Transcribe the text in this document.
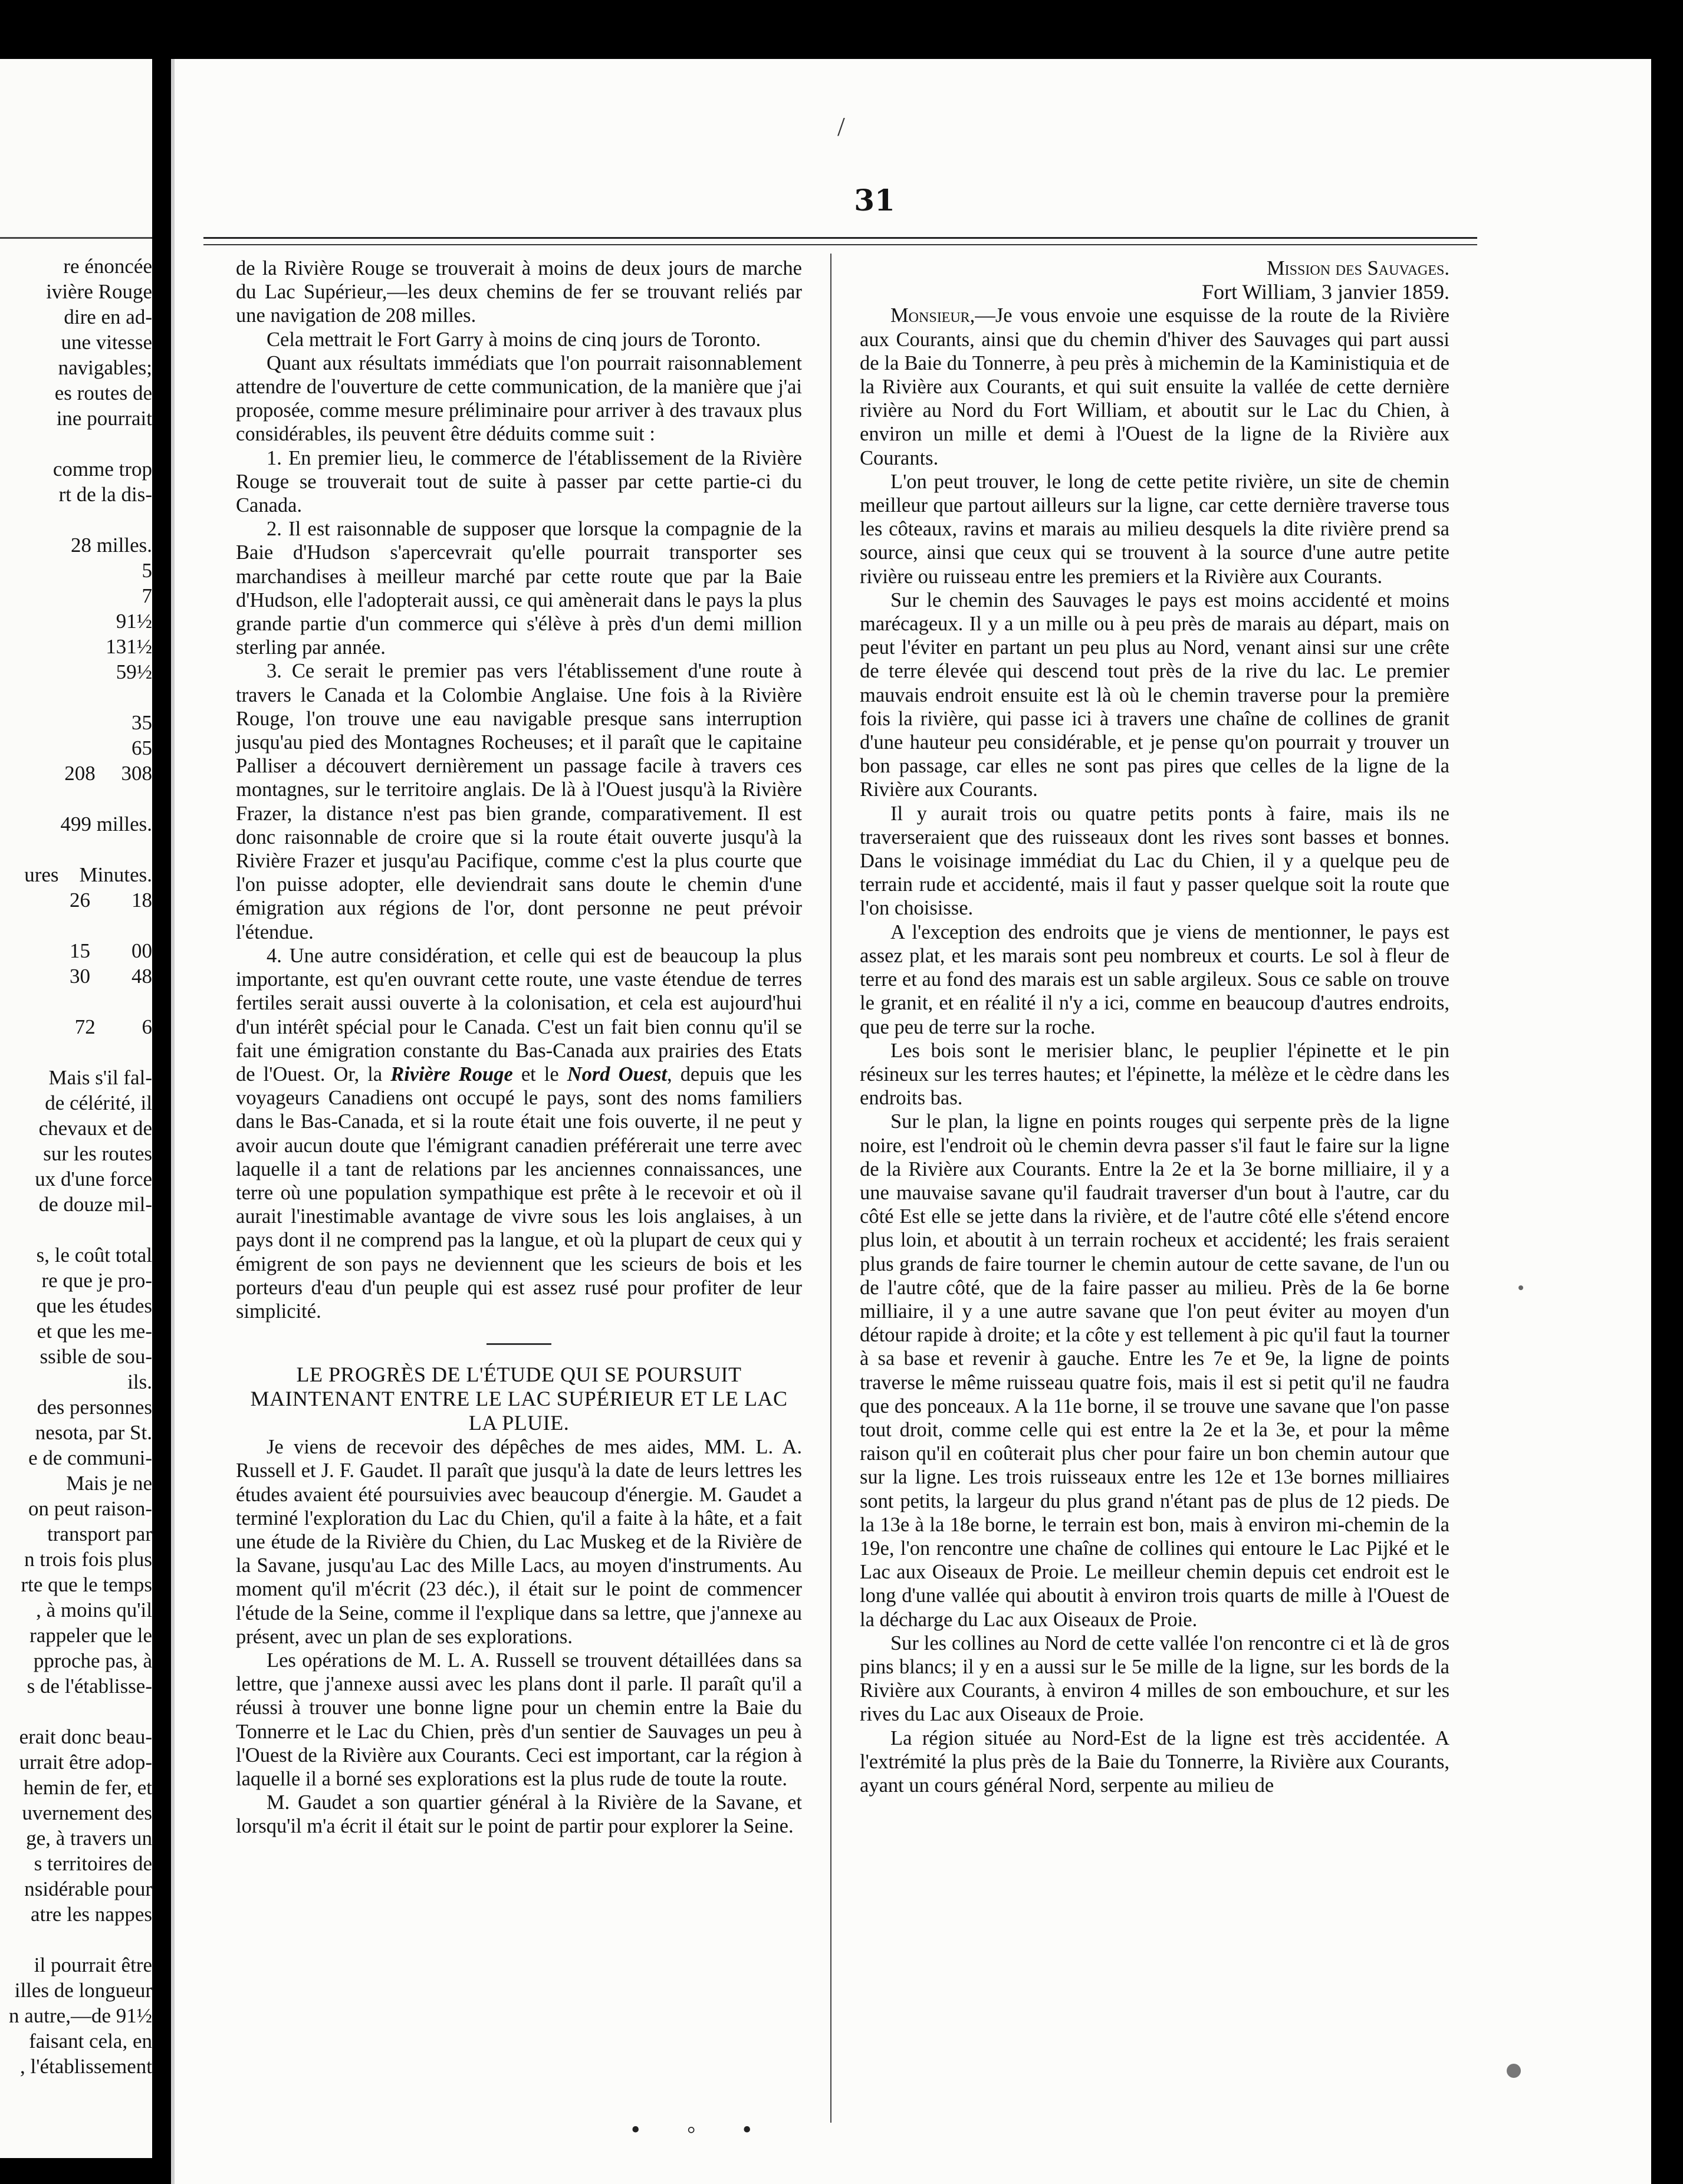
re énoncée
ivière Rouge
dire en ad-
une vitesse
navigables;
es routes de
ine pourrait

comme trop
rt de la dis-

28 milles.
5
7
91½
131½
59½

35
65
208     308

499 milles.

ures    Minutes.
26        18

15        00
30        48

72         6

Mais s'il fal-
de célérité, il
chevaux et de
sur les routes
ux d'une force
de douze mil-

s, le coût total
re que je pro-
que les études
et que les me-
ssible de sou-
ils.
des personnes
nesota, par St.
e de communi-
Mais je ne
on peut raison-
transport par
n trois fois plus
rte que le temps
, à moins qu'il
rappeler que le
pproche pas, à
s de l'établisse-

erait donc beau-
urrait être adop-
hemin de fer, et
uvernement des
ge, à travers un
s territoires de
nsidérable pour
atre les nappes

il pourrait être
illes de longueur
n autre,—de 91½
faisant cela, en
, l'établissement
/
31

de la Rivière Rouge se trouverait à moins de deux jours de marche du Lac Supérieur,—les deux chemins de fer se trouvant reliés par une navigation de 208 milles.

Cela mettrait le Fort Garry à moins de cinq jours de Toronto.

Quant aux résultats immédiats que l'on pourrait raisonnablement attendre de l'ouverture de cette communication, de la manière que j'ai proposée, comme mesure préliminaire pour arriver à des travaux plus considérables, ils peuvent être déduits comme suit :

1. En premier lieu, le commerce de l'établissement de la Rivière Rouge se trouverait tout de suite à passer par cette partie-ci du Canada.

2. Il est raisonnable de supposer que lorsque la compagnie de la Baie d'Hudson s'apercevrait qu'elle pourrait transporter ses marchandises à meilleur marché par cette route que par la Baie d'Hudson, elle l'adopterait aussi, ce qui amènerait dans le pays la plus grande partie d'un commerce qui s'élève à près d'un demi million sterling par année.

3. Ce serait le premier pas vers l'établissement d'une route à travers le Canada et la Colombie Anglaise. Une fois à la Rivière Rouge, l'on trouve une eau navigable presque sans interruption jusqu'au pied des Montagnes Rocheuses; et il paraît que le capitaine Palliser a découvert dernièrement un passage facile à travers ces montagnes, sur le territoire anglais. De là à l'Ouest jusqu'à la Rivière Frazer, la distance n'est pas bien grande, comparativement. Il est donc raisonnable de croire que si la route était ouverte jusqu'à la Rivière Frazer et jusqu'au Pacifique, comme c'est la plus courte que l'on puisse adopter, elle deviendrait sans doute le chemin d'une émigration aux régions de l'or, dont personne ne peut prévoir l'étendue.

4. Une autre considération, et celle qui est de beaucoup la plus importante, est qu'en ouvrant cette route, une vaste étendue de terres fertiles serait aussi ouverte à la colonisation, et cela est aujourd'hui d'un intérêt spécial pour le Canada. C'est un fait bien connu qu'il se fait une émigration constante du Bas-Canada aux prairies des Etats de l'Ouest. Or, la Rivière Rouge et le Nord Ouest, depuis que les voyageurs Canadiens ont occupé le pays, sont des noms familiers dans le Bas-Canada, et si la route était une fois ouverte, il ne peut y avoir aucun doute que l'émigrant canadien préférerait une terre avec laquelle il a tant de relations par les anciennes connaissances, une terre où une population sympathique est prête à le recevoir et où il aurait l'inestimable avantage de vivre sous les lois anglaises, à un pays dont il ne comprend pas la langue, et où la plupart de ceux qui y émigrent de son pays ne deviennent que les scieurs de bois et les porteurs d'eau d'un peuple qui est assez rusé pour profiter de leur simplicité.

LE PROGRÈS DE L'ÉTUDE QUI SE POURSUIT MAINTENANT ENTRE LE LAC SUPÉRIEUR ET LE LAC LA PLUIE.

Je viens de recevoir des dépêches de mes aides, MM. L. A. Russell et J. F. Gaudet. Il paraît que jusqu'à la date de leurs lettres les études avaient été poursuivies avec beaucoup d'énergie. M. Gaudet a terminé l'exploration du Lac du Chien, qu'il a faite à la hâte, et a fait une étude de la Rivière du Chien, du Lac Muskeg et de la Rivière de la Savane, jusqu'au Lac des Mille Lacs, au moyen d'instruments. Au moment qu'il m'écrit (23 déc.), il était sur le point de commencer l'étude de la Seine, comme il l'explique dans sa lettre, que j'annexe au présent, avec un plan de ses explorations.

Les opérations de M. L. A. Russell se trouvent détaillées dans sa lettre, que j'annexe aussi avec les plans dont il parle. Il paraît qu'il a réussi à trouver une bonne ligne pour un chemin entre la Baie du Tonnerre et le Lac du Chien, près d'un sentier de Sauvages un peu à l'Ouest de la Rivière aux Courants. Ceci est important, car la région à laquelle il a borné ses explorations est la plus rude de toute la route.

M. Gaudet a son quartier général à la Rivière de la Savane, et lorsqu'il m'a écrit il était sur le point de partir pour explorer la Seine.

Mission des Sauvages.

Fort William, 3 janvier 1859.

Monsieur,—Je vous envoie une esquisse de la route de la Rivière aux Courants, ainsi que du chemin d'hiver des Sauvages qui part aussi de la Baie du Tonnerre, à peu près à michemin de la Kaministiquia et de la Rivière aux Courants, et qui suit ensuite la vallée de cette dernière rivière au Nord du Fort William, et aboutit sur le Lac du Chien, à environ un mille et demi à l'Ouest de la ligne de la Rivière aux Courants.

L'on peut trouver, le long de cette petite rivière, un site de chemin meilleur que partout ailleurs sur la ligne, car cette dernière traverse tous les côteaux, ravins et marais au milieu desquels la dite rivière prend sa source, ainsi que ceux qui se trouvent à la source d'une autre petite rivière ou ruisseau entre les premiers et la Rivière aux Courants.

Sur le chemin des Sauvages le pays est moins accidenté et moins marécageux. Il y a un mille ou à peu près de marais au départ, mais on peut l'éviter en partant un peu plus au Nord, venant ainsi sur une crête de terre élevée qui descend tout près de la rive du lac. Le premier mauvais endroit ensuite est là où le chemin traverse pour la première fois la rivière, qui passe ici à travers une chaîne de collines de granit d'une hauteur peu considérable, et je pense qu'on pourrait y trouver un bon passage, car elles ne sont pas pires que celles de la ligne de la Rivière aux Courants.

Il y aurait trois ou quatre petits ponts à faire, mais ils ne traverseraient que des ruisseaux dont les rives sont basses et bonnes. Dans le voisinage immédiat du Lac du Chien, il y a quelque peu de terrain rude et accidenté, mais il faut y passer quelque soit la route que l'on choisisse.

A l'exception des endroits que je viens de mentionner, le pays est assez plat, et les marais sont peu nombreux et courts. Le sol à fleur de terre et au fond des marais est un sable argileux. Sous ce sable on trouve le granit, et en réalité il n'y a ici, comme en beaucoup d'autres endroits, que peu de terre sur la roche.

Les bois sont le merisier blanc, le peuplier l'épinette et le pin résineux sur les terres hautes; et l'épinette, la mélèze et le cèdre dans les endroits bas.

Sur le plan, la ligne en points rouges qui serpente près de la ligne noire, est l'endroit où le chemin devra passer s'il faut le faire sur la ligne de la Rivière aux Courants. Entre la 2e et la 3e borne milliaire, il y a une mauvaise savane qu'il faudrait traverser d'un bout à l'autre, car du côté Est elle se jette dans la rivière, et de l'autre côté elle s'étend encore plus loin, et aboutit à un terrain rocheux et accidenté; les frais seraient plus grands de faire tourner le chemin autour de cette savane, de l'un ou de l'autre côté, que de la faire passer au milieu. Près de la 6e borne milliaire, il y a une autre savane que l'on peut éviter au moyen d'un détour rapide à droite; et la côte y est tellement à pic qu'il faut la tourner à sa base et revenir à gauche. Entre les 7e et 9e, la ligne de points traverse le même ruisseau quatre fois, mais il est si petit qu'il ne faudra que des ponceaux. A la 11e borne, il se trouve une savane que l'on passe tout droit, comme celle qui est entre la 2e et la 3e, et pour la même raison qu'il en coûterait plus cher pour faire un bon chemin autour que sur la ligne. Les trois ruisseaux entre les 12e et 13e bornes milliaires sont petits, la largeur du plus grand n'étant pas de plus de 12 pieds. De la 13e à la 18e borne, le terrain est bon, mais à environ mi-chemin de la 19e, l'on rencontre une chaîne de collines qui entoure le Lac Pijké et le Lac aux Oiseaux de Proie. Le meilleur chemin depuis cet endroit est le long d'une vallée qui aboutit à environ trois quarts de mille à l'Ouest de la décharge du Lac aux Oiseaux de Proie.

Sur les collines au Nord de cette vallée l'on rencontre ci et là de gros pins blancs; il y en a aussi sur le 5e mille de la ligne, sur les bords de la Rivière aux Courants, à environ 4 milles de son embouchure, et sur les rives du Lac aux Oiseaux de Proie.

La région située au Nord-Est de la ligne est très accidentée. A l'extrémité la plus près de la Baie du Tonnerre, la Rivière aux Courants, ayant un cours général Nord, serpente au milieu de

• ◦ •
